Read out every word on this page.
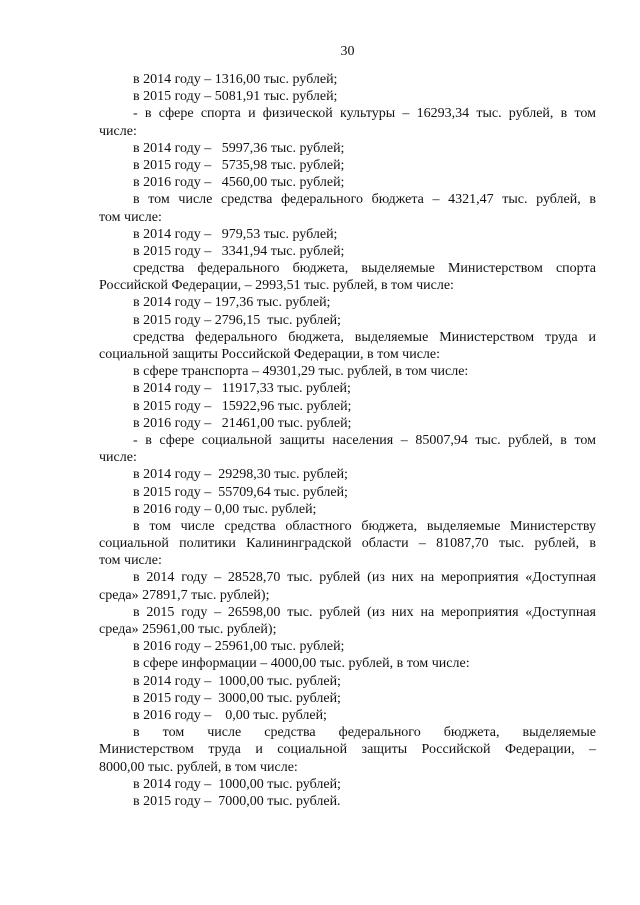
30
в 2014 году – 1316,00 тыс. рублей;
в 2015 году – 5081,91 тыс. рублей;
- в сфере спорта и физической культуры – 16293,34 тыс. рублей, в том
числе:
в 2014 году –   5997,36 тыс. рублей;
в 2015 году –   5735,98 тыс. рублей;
в 2016 году –   4560,00 тыс. рублей;
в том числе средства федерального бюджета – 4321,47 тыс. рублей, в
том числе:
в 2014 году –   979,53 тыс. рублей;
в 2015 году –   3341,94 тыс. рублей;
средства федерального бюджета, выделяемые Министерством спорта
Российской Федерации, – 2993,51 тыс. рублей, в том числе:
в 2014 году – 197,36 тыс. рублей;
в 2015 году – 2796,15  тыс. рублей;
средства федерального бюджета, выделяемые Министерством труда и
социальной защиты Российской Федерации, в том числе:
в сфере транспорта – 49301,29 тыс. рублей, в том числе:
в 2014 году –   11917,33 тыс. рублей;
в 2015 году –   15922,96 тыс. рублей;
в 2016 году –   21461,00 тыс. рублей;
- в сфере социальной защиты населения – 85007,94 тыс. рублей, в том
числе:
в 2014 году –  29298,30 тыс. рублей;
в 2015 году –  55709,64 тыс. рублей;
в 2016 году – 0,00 тыс. рублей;
в том числе средства областного бюджета, выделяемые Министерству
социальной политики Калининградской области – 81087,70 тыс. рублей, в
том числе:
в 2014 году – 28528,70 тыс. рублей (из них на мероприятия «Доступная
среда» 27891,7 тыс. рублей);
в 2015 году – 26598,00 тыс. рублей (из них на мероприятия «Доступная
среда» 25961,00 тыс. рублей);
в 2016 году – 25961,00 тыс. рублей;
в сфере информации – 4000,00 тыс. рублей, в том числе:
в 2014 году –  1000,00 тыс. рублей;
в 2015 году –  3000,00 тыс. рублей;
в 2016 году –    0,00 тыс. рублей;
в том числе средства федерального бюджета, выделяемые
Министерством труда и социальной защиты Российской Федерации, –
8000,00 тыс. рублей, в том числе:
в 2014 году –  1000,00 тыс. рублей;
в 2015 году –  7000,00 тыс. рублей.
